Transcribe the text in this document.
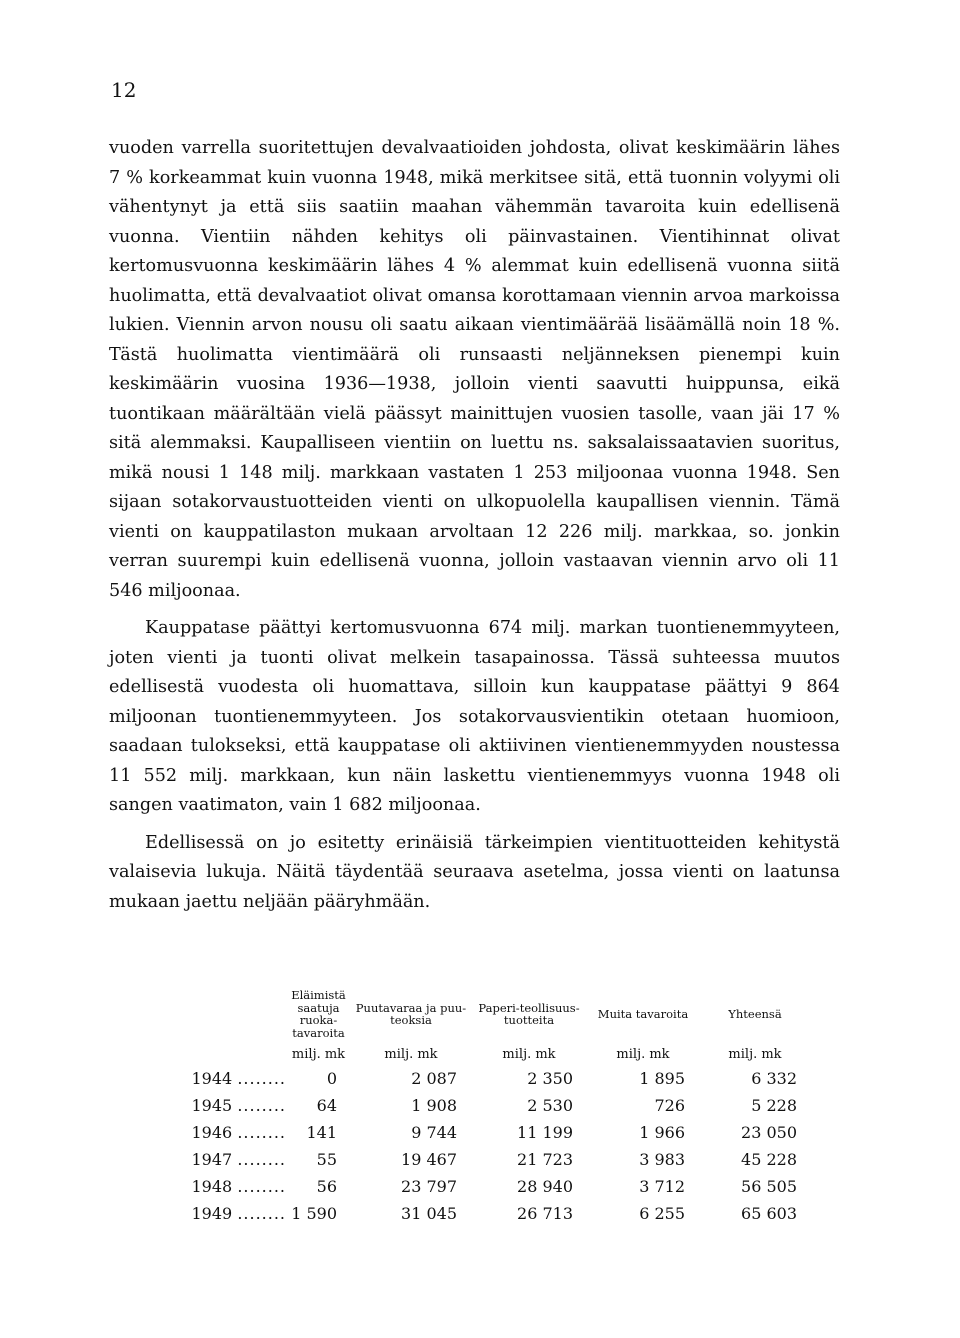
12

vuoden varrella suoritettujen devalvaatioiden johdosta, olivat keskimäärin lähes 7 % korkeammat kuin vuonna 1948, mikä merkitsee sitä, että tuonnin volyymi oli vähentynyt ja että siis saatiin maahan vähemmän tavaroita kuin edellisenä vuonna. Vientiin nähden kehitys oli päinvastainen. Vientihinnat olivat kertomusvuonna keskimäärin lähes 4 % alemmat kuin edellisenä vuonna siitä huolimatta, että devalvaatiot olivat omansa korottamaan viennin arvoa markoissa lukien. Viennin arvon nousu oli saatu aikaan vientimäärää lisäämällä noin 18 %. Tästä huolimatta vientimäärä oli runsaasti neljänneksen pienempi kuin keskimäärin vuosina 1936—1938, jolloin vienti saavutti huippunsa, eikä tuontikaan määrältään vielä päässyt mainittujen vuosien tasolle, vaan jäi 17 % sitä alemmaksi. Kaupalliseen vientiin on luettu ns. saksalaissaatavien suoritus, mikä nousi 1 148 milj. markkaan vastaten 1 253 miljoonaa vuonna 1948. Sen sijaan sotakorvaustuotteiden vienti on ulkopuolella kaupallisen viennin. Tämä vienti on kauppatilaston mukaan arvoltaan 12 226 milj. markkaa, so. jonkin verran suurempi kuin edellisenä vuonna, jolloin vastaavan viennin arvo oli 11 546 miljoonaa.

Kauppatase päättyi kertomusvuonna 674 milj. markan tuontienemmyyteen, joten vienti ja tuonti olivat melkein tasapainossa. Tässä suhteessa muutos edellisestä vuodesta oli huomattava, silloin kun kauppatase päättyi 9 864 miljoonan tuontienemmyyteen. Jos sotakorvausvientikin otetaan huomioon, saadaan tulokseksi, että kauppatase oli aktiivinen vientienemmyyden noustessa 11 552 milj. markkaan, kun näin laskettu vientienemmyys vuonna 1948 oli sangen vaatimaton, vain 1 682 miljoonaa.

Edellisessä on jo esitetty erinäisiä tärkeimpien vientituotteiden kehitystä valaisevia lukuja. Näitä täydentää seuraava asetelma, jossa vienti on laatunsa mukaan jaettu neljään pääryhmään.

	Eläimistä saatuja ruoka-tavaroita	Puutavaraa ja puu-teoksia	Paperi-teollisuus-tuotteita	Muita tavaroita	Yhteensä
	milj. mk	milj. mk	milj. mk	milj. mk	milj. mk
1944 ........	0	2 087	2 350	1 895	6 332
1945 ........	64	1 908	2 530	726	5 228
1946 ........	141	9 744	11 199	1 966	23 050
1947 ........	55	19 467	21 723	3 983	45 228
1948 ........	56	23 797	28 940	3 712	56 505
1949 ........	1 590	31 045	26 713	6 255	65 603
